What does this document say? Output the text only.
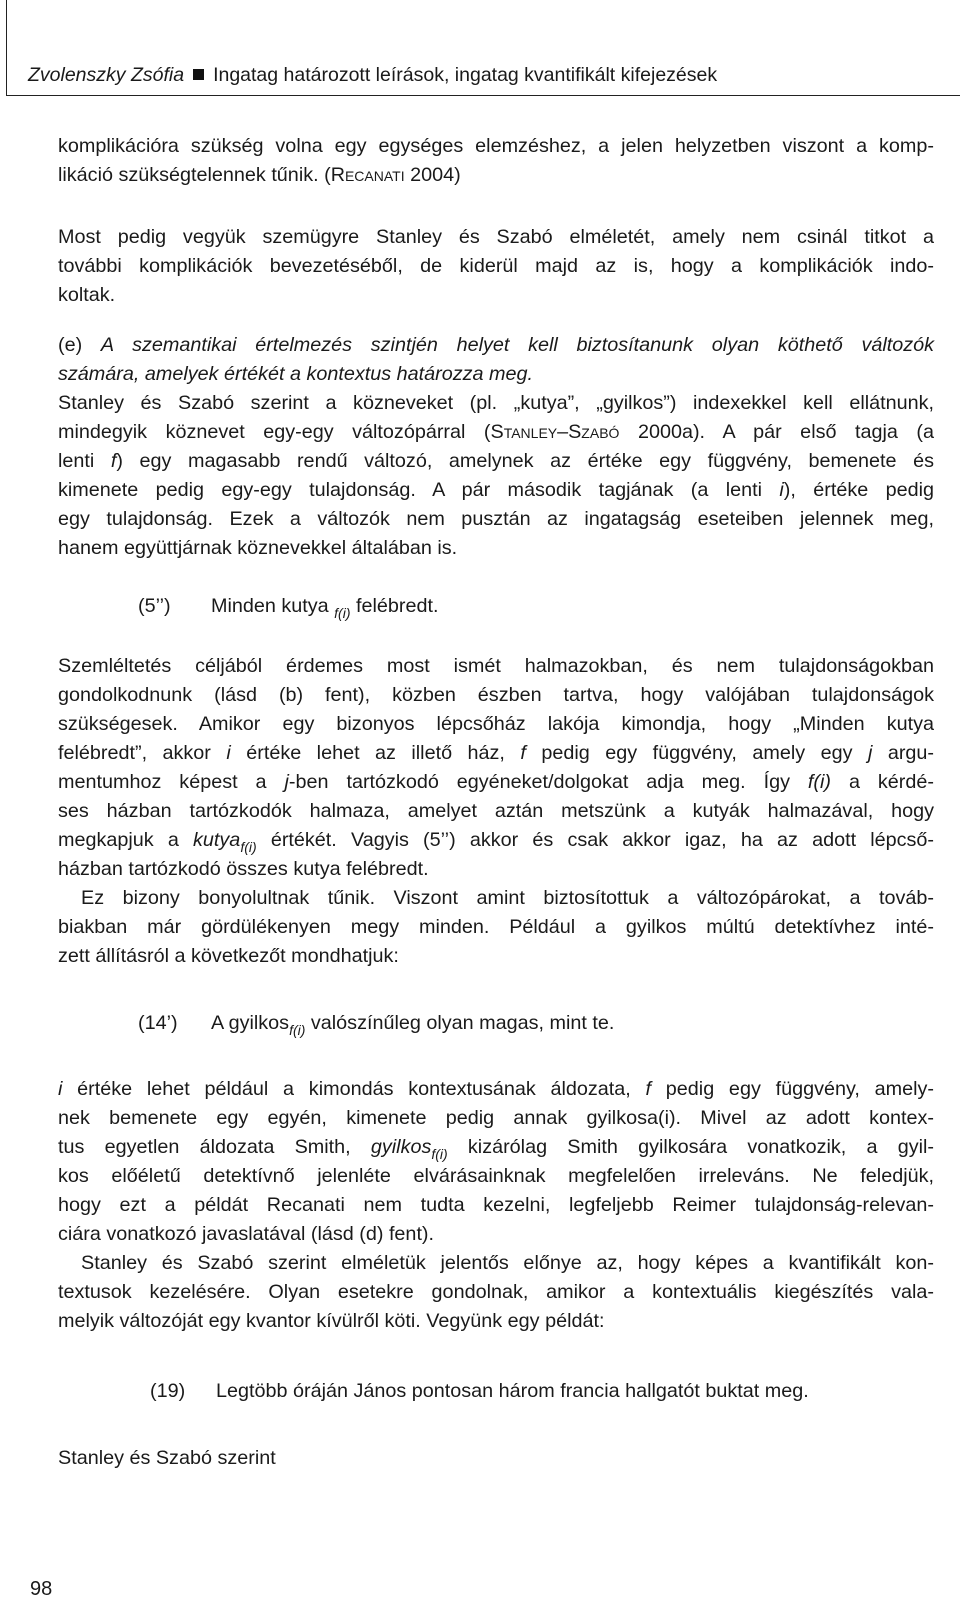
Zvolenszky Zsófia Ingatag határozott leírások, ingatag kvantifikált kifejezések

komplikációra szükség volna egy egységes elemzéshez, a jelen helyzetben viszont a komp-
likáció szükségtelennek tűnik. (Recanati 2004)

Most pedig vegyük szemügyre Stanley és Szabó elméletét, amely nem csinál titkot a
további komplikációk bevezetéséből, de kiderül majd az is, hogy a komplikációk indo-
koltak.

(e) A szemantikai értelmezés szintjén helyet kell biztosítanunk olyan köthető változók
számára, amelyek értékét a kontextus határozza meg.

Stanley és Szabó szerint a közneveket (pl. „kutya”, „gyilkos”) indexekkel kell ellátnunk,
mindegyik köznevet egy-egy változópárral (Stanley–Szabó 2000a). A pár első tagja (a
lenti f) egy magasabb rendű változó, amelynek az értéke egy függvény, bemenete és
kimenete pedig egy-egy tulajdonság. A pár második tagjának (a lenti i), értéke pedig
egy tulajdonság. Ezek a változók nem pusztán az ingatagság eseteiben jelennek meg,
hanem együttjárnak köznevekkel általában is.

(5’’)	Minden kutya $_{f(i)}$ felébredt.

Szemléltetés céljából érdemes most ismét halmazokban, és nem tulajdonságokban
gondolkodnunk (lásd (b) fent), közben észben tartva, hogy valójában tulajdonságok
szükségesek. Amikor egy bizonyos lépcsőház lakója kimondja, hogy „Minden kutya
felébredt”, akkor i értéke lehet az illető ház, f pedig egy függvény, amely egy j argu-
mentumhoz képest a j-ben tartózkodó egyéneket/dolgokat adja meg. Így f(i) a kérdé-
ses házban tartózkodók halmaza, amelyet aztán metszünk a kutyák halmazával, hogy
megkapjuk a kutya$_{f(i)}$ értékét. Vagyis (5’’) akkor és csak akkor igaz, ha az adott lépcső-
házban tartózkodó összes kutya felébredt.

Ez bizony bonyolultnak tűnik. Viszont amint biztosítottuk a változópárokat, a továb-
biakban már gördülékenyen megy minden. Például a gyilkos múltú detektívhez inté-
zett állításról a következőt mondhatjuk:

(14’)	A gyilkos$_{f(i)}$ valószínűleg olyan magas, mint te.

i értéke lehet például a kimondás kontextusának áldozata, f pedig egy függvény, amely-
nek bemenete egy egyén, kimenete pedig annak gyilkosa(i). Mivel az adott kontex-
tus egyetlen áldozata Smith, gyilkos$_{f(i)}$ kizárólag Smith gyilkosára vonatkozik, a gyil-
kos előéletű detektívnő jelenléte elvárásainknak megfelelően irreleváns. Ne feledjük,
hogy ezt a példát Recanati nem tudta kezelni, legfeljebb Reimer tulajdonság-relevan-
ciára vonatkozó javaslatával (lásd (d) fent).

Stanley és Szabó szerint elméletük jelentős előnye az, hogy képes a kvantifikált kon-
textusok kezelésére. Olyan esetekre gondolnak, amikor a kontextuális kiegészítés vala-
melyik változóját egy kvantor kívülről köti. Vegyünk egy példát:

(19)	Legtöbb óráján János pontosan három francia hallgatót buktat meg.

Stanley és Szabó szerint

98
